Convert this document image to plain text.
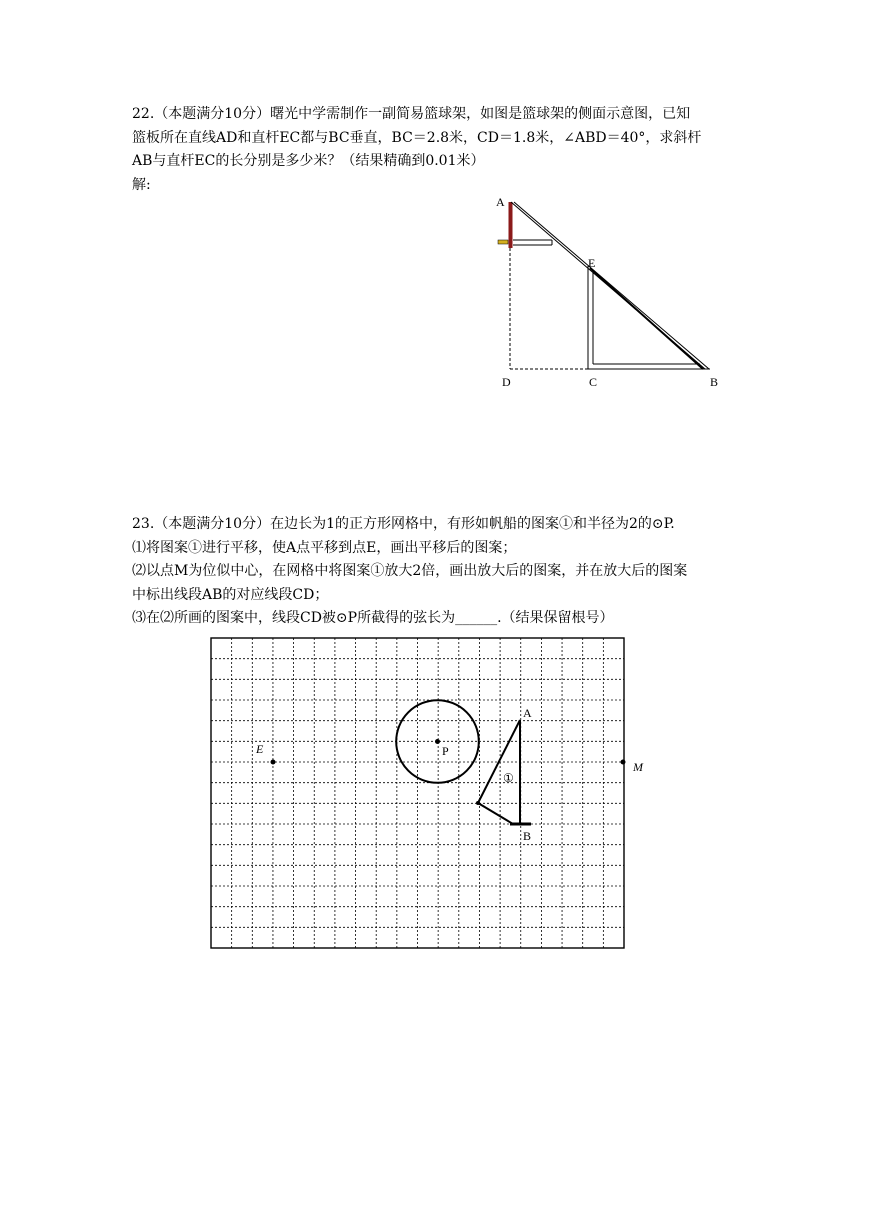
22.（本题满分10分）曙光中学需制作一副简易篮球架，如图是篮球架的侧面示意图，已知

篮板所在直线AD和直杆EC都与BC垂直，BC＝2.8米，CD＝1.8米，∠ABD＝40°，求斜杆

AB与直杆EC的长分别是多少米？（结果精确到0.01米）

解:

A
E
D	C	B

23.（本题满分10分）在边长为1的正方形网格中，有形如帆船的图案①和半径为2的⊙P.

⑴将图案①进行平移，使A点平移到点E，画出平移后的图案；

⑵以点M为位似中心，在网格中将图案①放大2倍，画出放大后的图案，并在放大后的图案

中标出线段AB的对应线段CD；

⑶在⑵所画的图案中，线段CD被⊙P所截得的弦长为______.（结果保留根号）

P
E
M
①
A
B
